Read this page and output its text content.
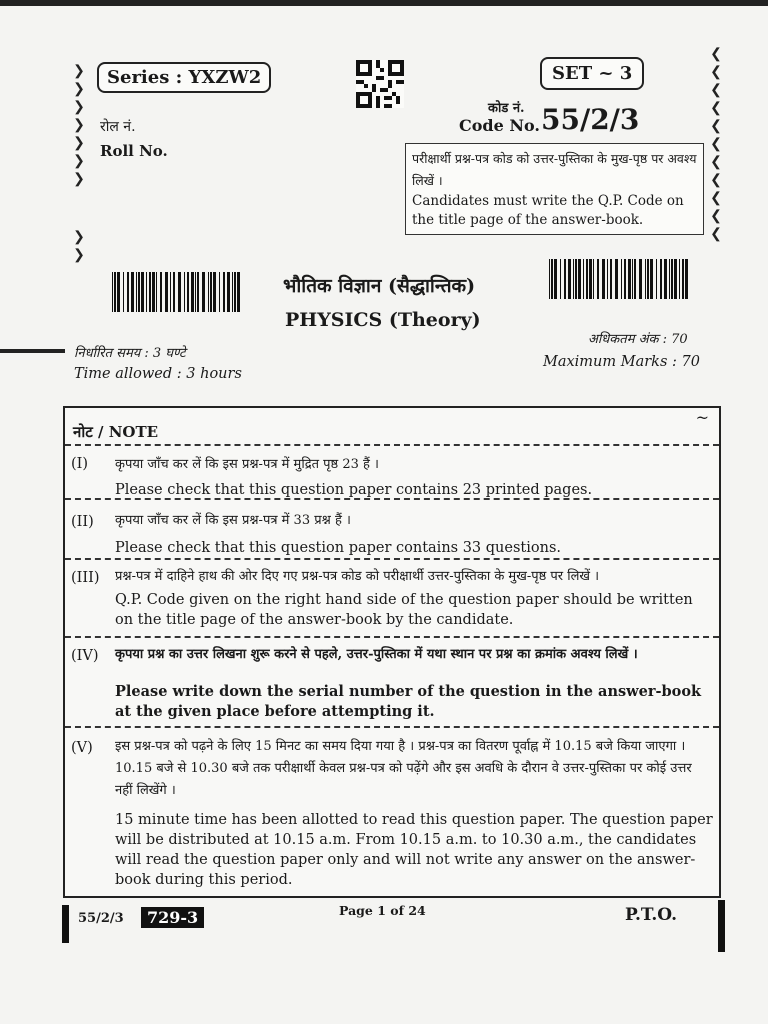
❯
❯
❯
❯
❯
❯
❯
❯
❯
❮
❮
❮
❮
❮
❮
❮
❮
❮
❮
❮
Series : YXZW2	SET ~ 3
रोल नं.
Roll No.
कोड नं.
Code No. 55/2/3
परीक्षार्थी प्रश्न-पत्र कोड को उत्तर-पुस्तिका के मुख-पृष्ठ पर अवश्य लिखें ।
Candidates must write the Q.P. Code on the title page of the answer-book.
भौतिक विज्ञान (सैद्धान्तिक)
PHYSICS (Theory)
निर्धारित समय : 3 घण्टे
Time allowed : 3 hours
अधिकतम अंक : 70
Maximum Marks : 70
~
नोट / NOTE
(I) कृपया जाँच कर लें कि इस प्रश्न-पत्र में मुद्रित पृष्ठ 23 हैं ।
Please check that this question paper contains 23 printed pages.
(II) कृपया जाँच कर लें कि इस प्रश्न-पत्र में 33 प्रश्न हैं ।
Please check that this question paper contains 33 questions.
(III) प्रश्न-पत्र में दाहिने हाथ की ओर दिए गए प्रश्न-पत्र कोड को परीक्षार्थी उत्तर-पुस्तिका के मुख-पृष्ठ पर लिखें ।
Q.P. Code given on the right hand side of the question paper should be written on the title page of the answer-book by the candidate.
(IV) कृपया प्रश्न का उत्तर लिखना शुरू करने से पहले, उत्तर-पुस्तिका में यथा स्थान पर प्रश्न का क्रमांक अवश्य लिखें ।
Please write down the serial number of the question in the answer-book at the given place before attempting it.
(V) इस प्रश्न-पत्र को पढ़ने के लिए 15 मिनट का समय दिया गया है । प्रश्न-पत्र का वितरण पूर्वाह्न में 10.15 बजे किया जाएगा । 10.15 बजे से 10.30 बजे तक परीक्षार्थी केवल प्रश्न-पत्र को पढ़ेंगे और इस अवधि के दौरान वे उत्तर-पुस्तिका पर कोई उत्तर नहीं लिखेंगे ।
15 minute time has been allotted to read this question paper. The question paper will be distributed at 10.15 a.m. From 10.15 a.m. to 10.30 a.m., the candidates will read the question paper only and will not write any answer on the answer-book during this period.
55/2/3	729-3	Page 1 of 24	P.T.O.
